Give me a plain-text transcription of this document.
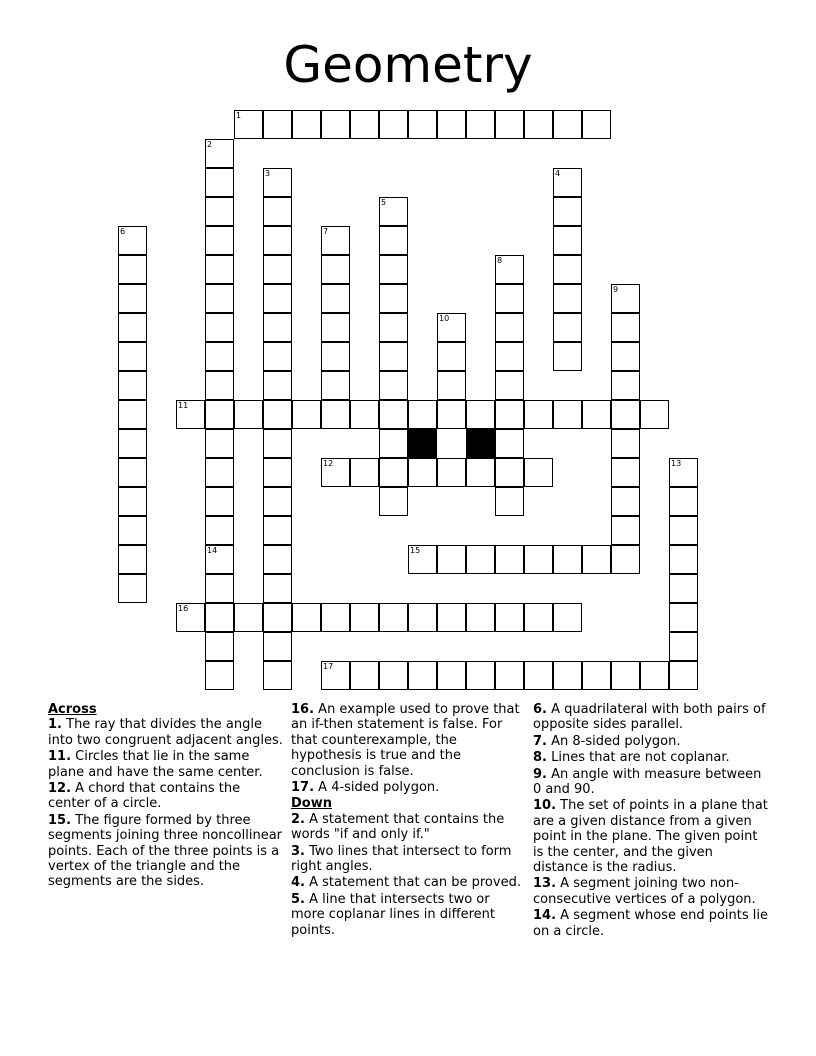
Geometry
1
2
14
3	4
5
6	7
8
9
10
11
12	13
15
16
17

Across

1. The ray that divides the angle into two congruent adjacent angles.

11. Circles that lie in the same plane and have the same center.

12. A chord that contains the center of a circle.

15. The figure formed by three segments joining three noncollinear points. Each of the three points is a vertex of the triangle and the segments are the sides.

16. An example used to prove that an if-then statement is false. For that counterexample, the hypothesis is true and the conclusion is false.

17. A 4-sided polygon.

Down

2. A statement that contains the words "if and only if."

3. Two lines that intersect to form right angles.

4. A statement that can be proved.

5. A line that intersects two or more coplanar lines in different points.

6. A quadrilateral with both pairs of opposite sides parallel.

7. An 8-sided polygon.

8. Lines that are not coplanar.

9. An angle with measure between 0 and 90.

10. The set of points in a plane that are a given distance from a given point in the plane. The given point is the center, and the given distance is the radius.

13. A segment joining two non-consecutive vertices of a polygon.

14. A segment whose end points lie on a circle.
